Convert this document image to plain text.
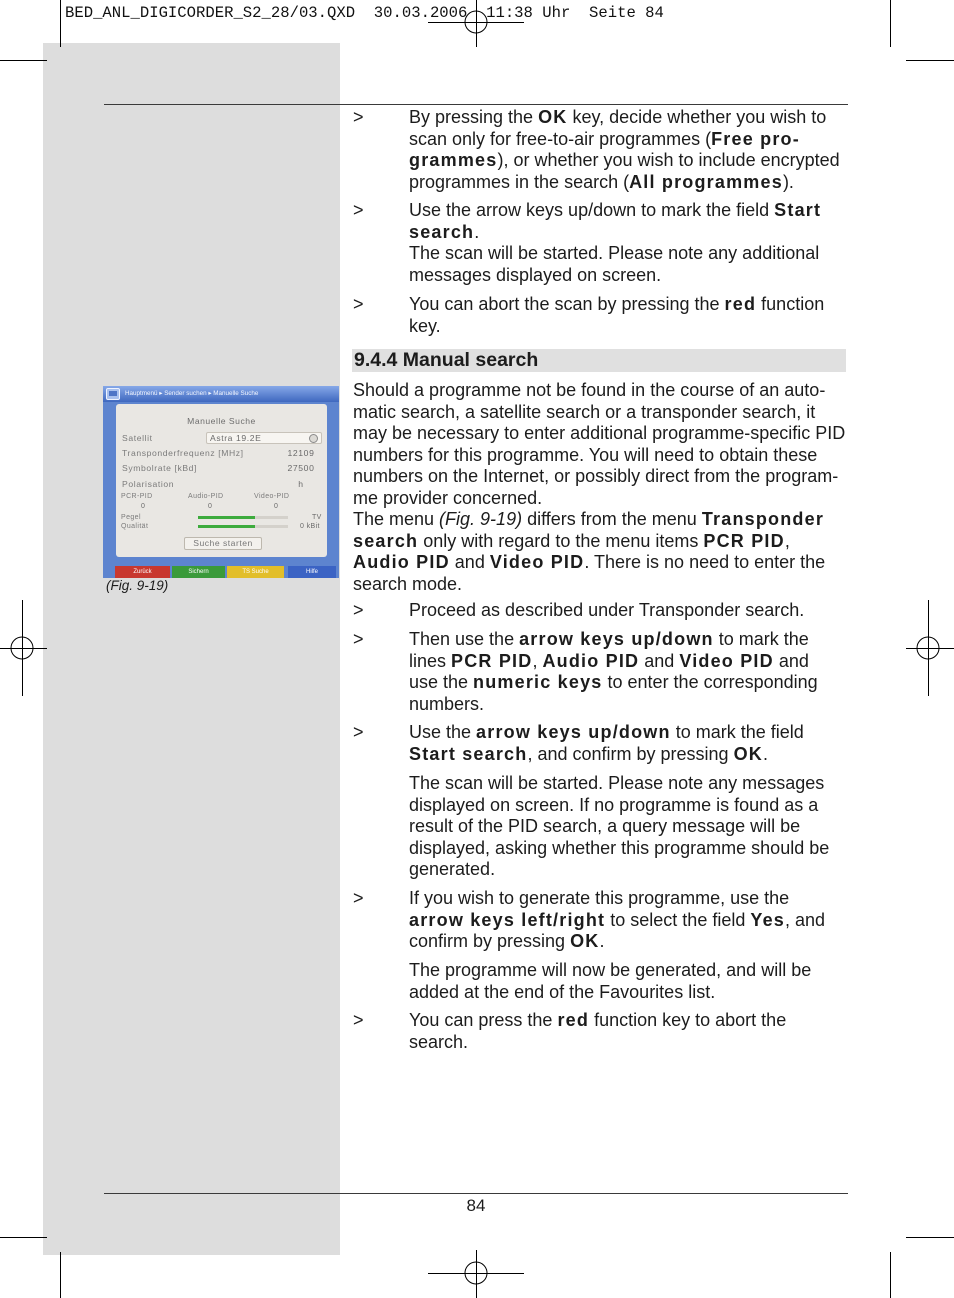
BED_ANL_DIGICORDER_S2_28/03.QXD  30.03.2006  11:38 Uhr  Seite 84
>	By pressing the OK key, decide whether you wish to
scan only for free-to-air programmes (Free pro-
grammes), or whether you wish to include encrypted
programmes in the search (All programmes).
>	Use the arrow keys up/down to mark the field Start
search.
The scan will be started. Please note any additional
messages displayed on screen.
>	You can abort the scan by pressing the red function
key.
9.4.4 Manual search
Should a programme not be found in the course of an auto-
matic search, a satellite search or a transponder search, it
may be necessary to enter additional programme-specific PID
numbers for this programme. You will need to obtain these
numbers on the Internet, or possibly direct from the program-
me provider concerned.
The menu (Fig. 9-19) differs from the menu Transponder
search only with regard to the menu items PCR PID,
Audio PID and Video PID. There is no need to enter the
search mode.
>	Proceed as described under Transponder search.
>	Then use the arrow keys up/down to mark the
lines PCR PID, Audio PID and Video PID and
use the numeric keys to enter the corresponding
numbers.
>	Use the arrow keys up/down to mark the field
Start search, and confirm by pressing OK.
The scan will be started. Please note any messages
displayed on screen. If no programme is found as a
result of the PID search, a query message will be
displayed, asking whether this programme should be
generated.
>	If you wish to generate this programme, use the
arrow keys left/right to select the field Yes, and
confirm by pressing OK.
The programme will now be generated, and will be
added at the end of the Favourites list.
>	You can press the red function key to abort the
search.
Hauptmenü ▸ Sender suchen ▸ Manuelle Suche
Manuelle Suche
Satellit	Astra 19.2E
Transponderfrequenz [MHz]	12109
Symbolrate [kBd]	27500
Polarisation	h
PCR-PID
0
Audio-PID
0
Video-PID
0
Pegel	TV
Qualität	0 kBit
Suche starten
Zurück	Sichern	TS Suche	Hilfe
(Fig. 9-19)
84
